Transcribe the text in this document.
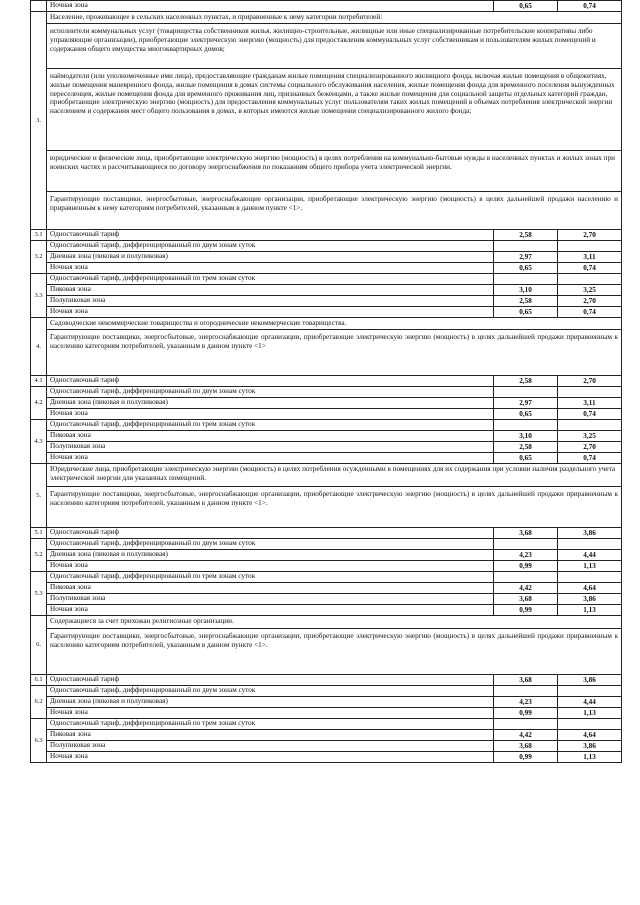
	Ночная зона	0,65	0,74
3.	Население, проживающее в сельских населенных пунктах, и приравненные к нему категории потребителей:		
	исполнители коммунальных услуг (товарищества собственников жилья, жилищно-строительные, жилищные или иные специализированные потребительские кооперативы либо управляющие организации), приобретающие электрическую энергию (мощность) для предоставления коммунальных услуг собственникам и пользователям жилых помещений и содержания общего имущества многоквартирных домов;		
	наймодатели (или уполномоченные ими лица), предоставляющие гражданам жилые помещения специализированного жилищного фонда, включая жилые помещения в общежитиях, жилые помещения маневренного фонда, жилые помещения в домах системы социального обслуживания населения, жилые помещения фонда для временного поселения вынужденных переселенцев, жилые помещения фонда для временного проживания лиц, признанных беженцами, а также жилые помещения для социальной защиты отдельных категорий граждан, приобретающие электрическую энергию (мощность) для предоставления коммунальных услуг пользователям таких жилых помещений в объемах потребления электрической энергии населением и содержания мест общего пользования в домах, в которых имеются жилые помещения специализированного жилого фонда;		
	юридические и физические лица, приобретающие электрическую энергию (мощность) в целях потребления на коммунально-бытовые нужды в населенных пунктах и жилых зонах при воинских частях и рассчитывающиеся по договору энергоснабжения по показаниям общего прибора учета электрической энергии.		
	Гарантирующие поставщики, энергосбытовые, энергоснабжающие организации, приобретающие электрическую энергию (мощность) в целях дальнейшей продажи населению и приравненным к нему категориям потребителей, указанным в данном пункте <1>.		
3.1	Одноставочный тариф	2,58	2,70
3.2	Одноставочный тариф, дифференцированный по двум зонам суток		
	Дневная зона (пиковая и полупиковая)	2,97	3,11
	Ночная зона	0,65	0,74
3.3	Одноставочный тариф, дифференцированный по трем зонам суток		
	Пиковая зона	3,10	3,25
	Полупиковая зона	2,58	2,70
	Ночная зона	0,65	0,74
4.	Садоводческие некоммерческие товарищества и огороднические некоммерческие товарищества.		
	Гарантирующие поставщики, энергосбытовые, энергоснабжающие организации, приобретающие электрическую энергию (мощность) в целях дальнейшей продажи приравненным к населению категориям потребителей, указанным в данном пункте <1>		
4.1	Одноставочный тариф	2,58	2,70
4.2	Одноставочный тариф, дифференцированный по двум зонам суток		
	Дневная зона (пиковая и полупиковая)	2,97	3,11
	Ночная зона	0,65	0,74
4.3	Одноставочный тариф, дифференцированный по трем зонам суток		
	Пиковая зона	3,10	3,25
	Полупиковая зона	2,58	2,70
	Ночная зона	0,65	0,74
5.	Юридические лица, приобретающие электрическую энергию (мощность) в целях потребления осужденными в помещениях для их содержания при условии наличия раздельного учета электрической энергии для указанных помещений.		
	Гарантирующие поставщики, энергосбытовые, энергоснабжающие организации, приобретающие электрическую энергию (мощность) в целях дальнейшей продажи приравненным к населению категориям потребителей, указанным в данном пункте <1>.		
5.1	Одноставочный тариф	3,68	3,86
5.2	Одноставочный тариф, дифференцированный по двум зонам суток		
	Дневная зона (пиковая и полупиковая)	4,23	4,44
	Ночная зона	0,99	1,13
5.3	Одноставочный тариф, дифференцированный по трем зонам суток		
	Пиковая зона	4,42	4,64
	Полупиковая зона	3,68	3,86
	Ночная зона	0,99	1,13
6.	Содержащиеся за счет прихожан религиозные организации.		
	Гарантирующие поставщики, энергосбытовые, энергоснабжающие организации, приобретающие электрическую энергию (мощность) в целях дальнейшей продажи приравненным к населению категориям потребителей, указанным в данном пункте <1>.		
6.1	Одноставочный тариф	3,68	3,86
6.2	Одноставочный тариф, дифференцированный по двум зонам суток		
	Дневная зона (пиковая и полупиковая)	4,23	4,44
	Ночная зона	0,99	1,13
6.3	Одноставочный тариф, дифференцированный по трем зонам суток		
	Пиковая зона	4,42	4,64
	Полупиковая зона	3,68	3,86
	Ночная зона	0,99	1,13
